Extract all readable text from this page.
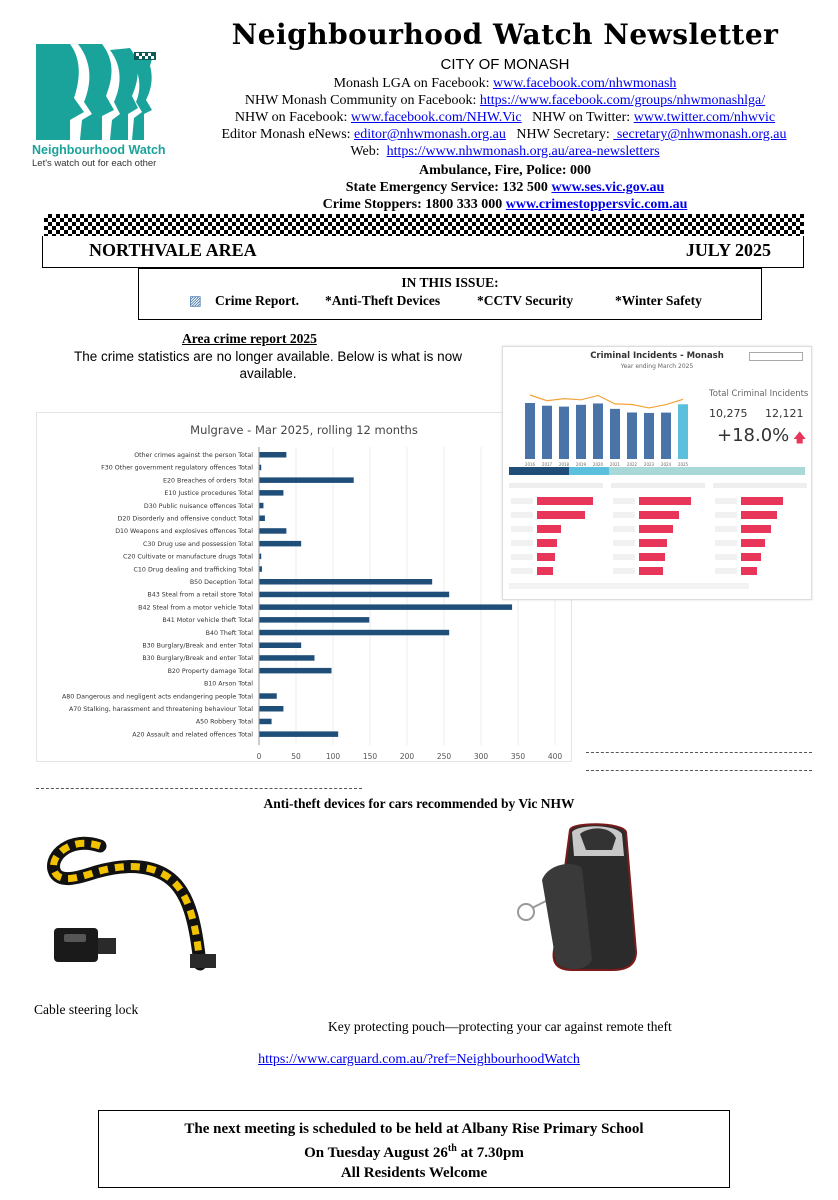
Neighbourhood Watch
Let's watch out for each other
Neighbourhood Watch Newsletter
CITY OF MONASH
Monash LGA on Facebook: www.facebook.com/nhwmonash
NHW Monash Community on Facebook: https://www.facebook.com/groups/nhwmonashlga/
NHW on Facebook: www.facebook.com/NHW.Vic   NHW on Twitter: www.twitter.com/nhwvic
Editor Monash eNews: editor@nhwmonash.org.au   NHW Secretary:  secretary@nhwmonash.org.au
Web:  https://www.nhwmonash.org.au/area-newsletters
Ambulance, Fire, Police: 000
State Emergency Service: 132 500 www.ses.vic.gov.au
Crime Stoppers: 1800 333 000 www.crimestoppersvic.com.au
NORTHVALE AREA	JULY 2025
IN THIS ISSUE:
▨ Crime Report.	*Anti-Theft Devices	*CCTV Security	*Winter Safety
Area crime report 2025
The crime statistics are no longer available. Below is what is now available.
Mulgrave - Mar 2025, rolling 12 months
0	50	100	150	200	250	300	350	400
Other crimes against the person Total
F30 Other government regulatory offences Total
E20 Breaches of orders Total
E10 Justice procedures Total
D30 Public nuisance offences Total
D20 Disorderly and offensive conduct Total
D10 Weapons and explosives offences Total
C30 Drug use and possession Total
C20 Cultivate or manufacture drugs Total
C10 Drug dealing and trafficking Total
B50 Deception Total
B43 Steal from a retail store Total
B42 Steal from a motor vehicle Total
B41 Motor vehicle theft Total
B40 Theft Total
B30 Burglary/Break and enter Total
B30 Burglary/Break and enter Total
B20 Property damage Total
B10 Arson Total
A80 Dangerous and negligent acts endangering people Total
A70 Stalking, harassment and threatening behaviour Total
A50 Robbery Total
A20 Assault and related offences Total
Criminal Incidents - Monash
Year ending March 2025
2016 2017 2018 2019 2020 2021 2022 2023 2024 2025
Total Criminal Incidents
10,275 12,121
+18.0% 🡅
Anti-theft devices for cars recommended by Vic NHW
Cable steering lock
Key protecting pouch—protecting your car against remote theft
https://www.carguard.com.au/?ref=NeighbourhoodWatch
The next meeting is scheduled to be held at Albany Rise Primary School
On Tuesday August 26th at 7.30pm
All Residents Welcome
